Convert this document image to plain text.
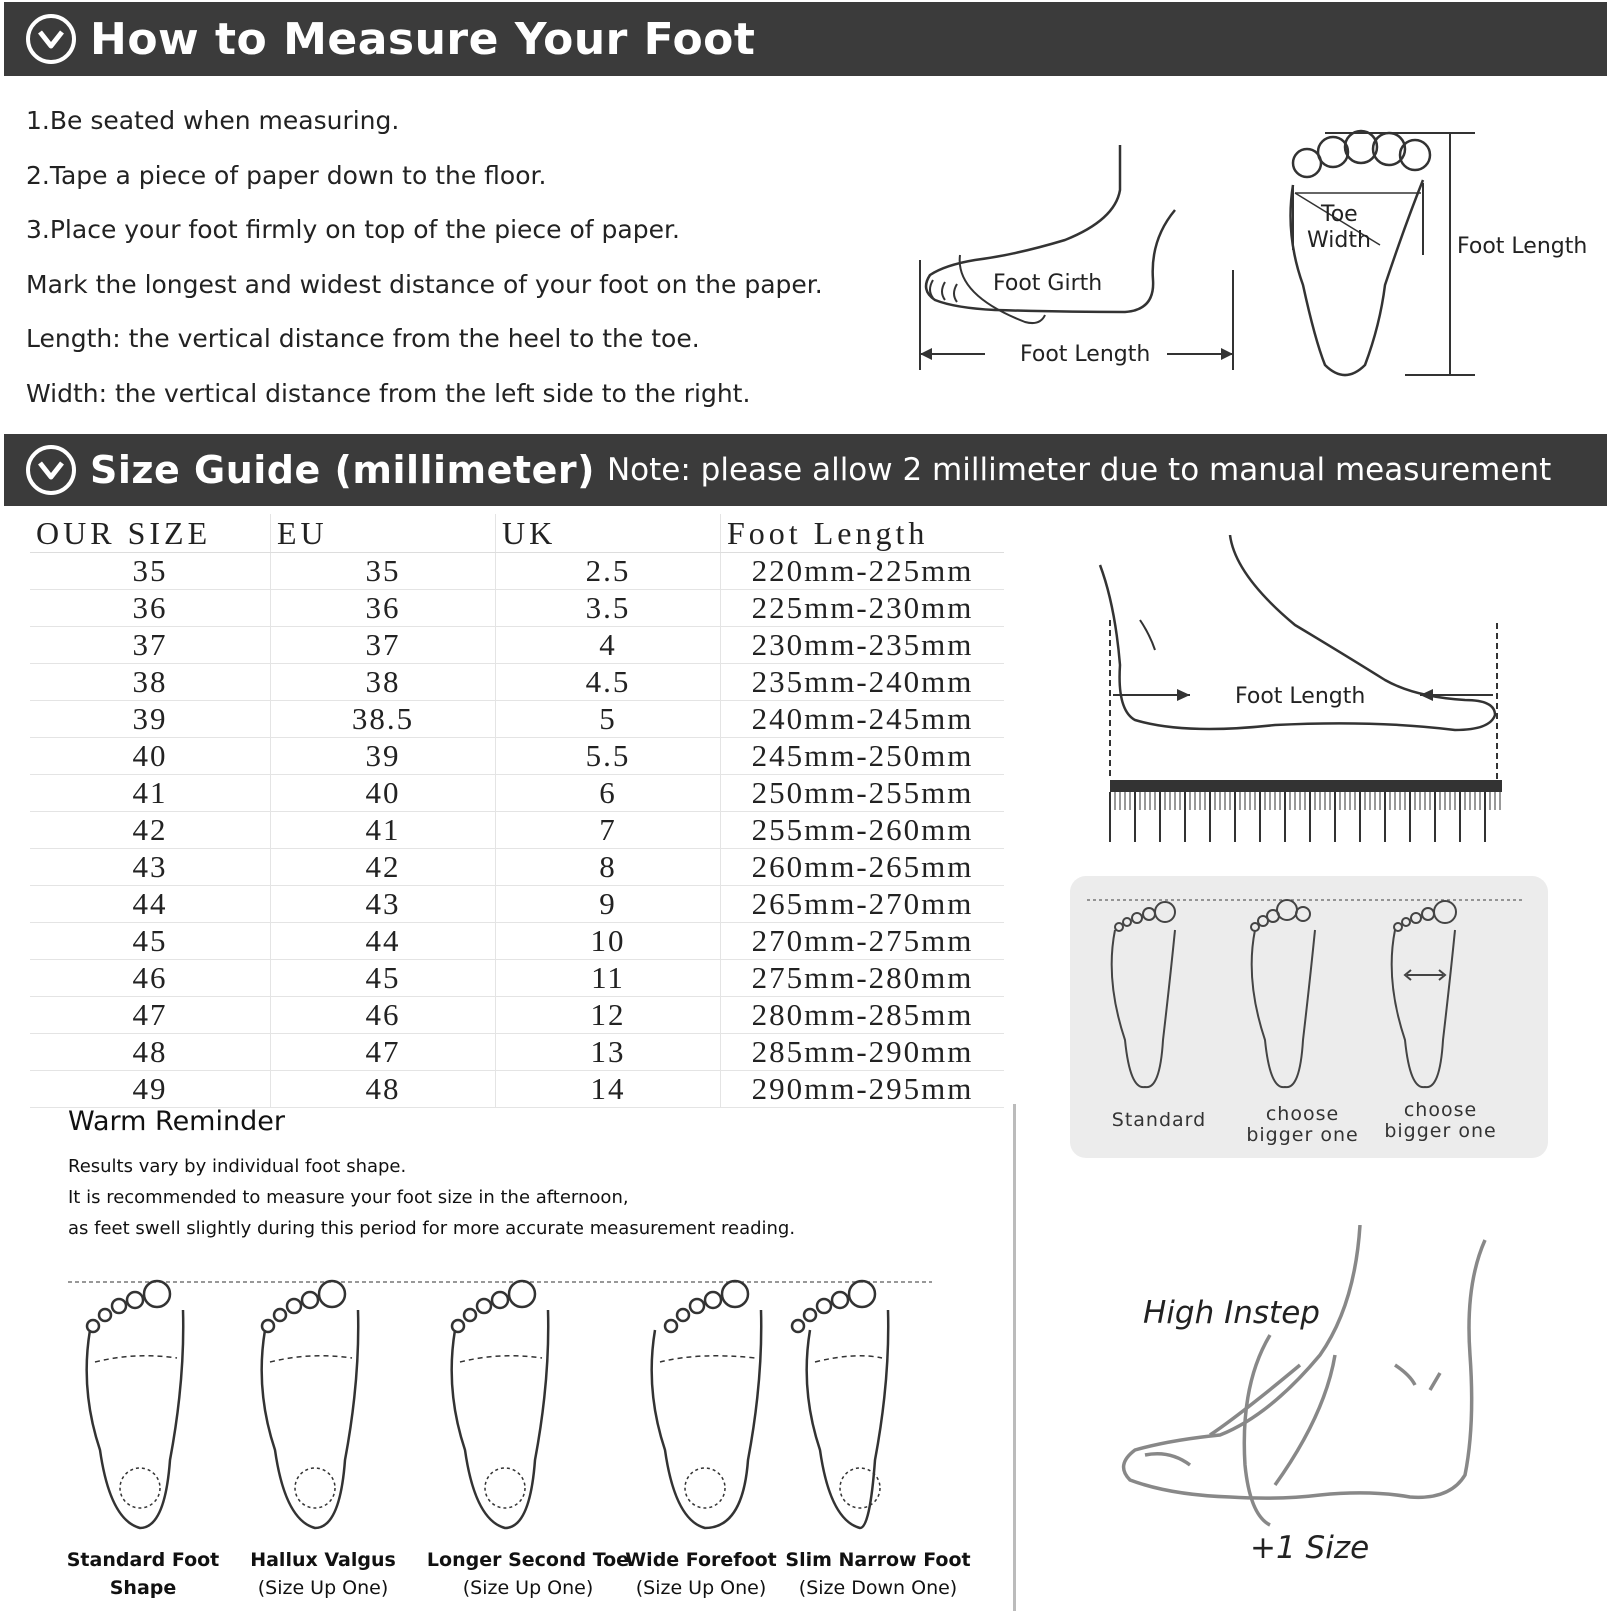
How to Measure Your Foot
1.Be seated when measuring.
2.Tape a piece of paper down to the floor.
3.Place your foot firmly on top of the piece of paper.
Mark the longest and widest distance of your foot on the paper.
Length: the vertical distance from the heel to the toe.
Width: the vertical distance from the left side to the right.
Foot Girth
Foot Length
Toe
Width	Foot Length
Size Guide (millimeter) Note: please allow 2 millimeter due to manual measurement
OUR SIZE	EU	UK	Foot Length
35	35	2.5	220mm-225mm
36	36	3.5	225mm-230mm
37	37	4	230mm-235mm
38	38	4.5	235mm-240mm
39	38.5	5	240mm-245mm
40	39	5.5	245mm-250mm
41	40	6	250mm-255mm
42	41	7	255mm-260mm
43	42	8	260mm-265mm
44	43	9	265mm-270mm
45	44	10	270mm-275mm
46	45	11	275mm-280mm
47	46	12	280mm-285mm
48	47	13	285mm-290mm
49	48	14	290mm-295mm
Foot Length
Standard	choose
bigger one
choose
bigger one
Warm Reminder
Results vary by individual foot shape.
It is recommended to measure your foot size in the afternoon,
as feet swell slightly during this period for more accurate measurement reading.
Standard Foot
Shape
Hallux Valgus
(Size Up One)
Longer Second Toe
(Size Up One)
Wide Forefoot
(Size Up One)
Slim Narrow Foot
(Size Down One)
High Instep
+1 Size
